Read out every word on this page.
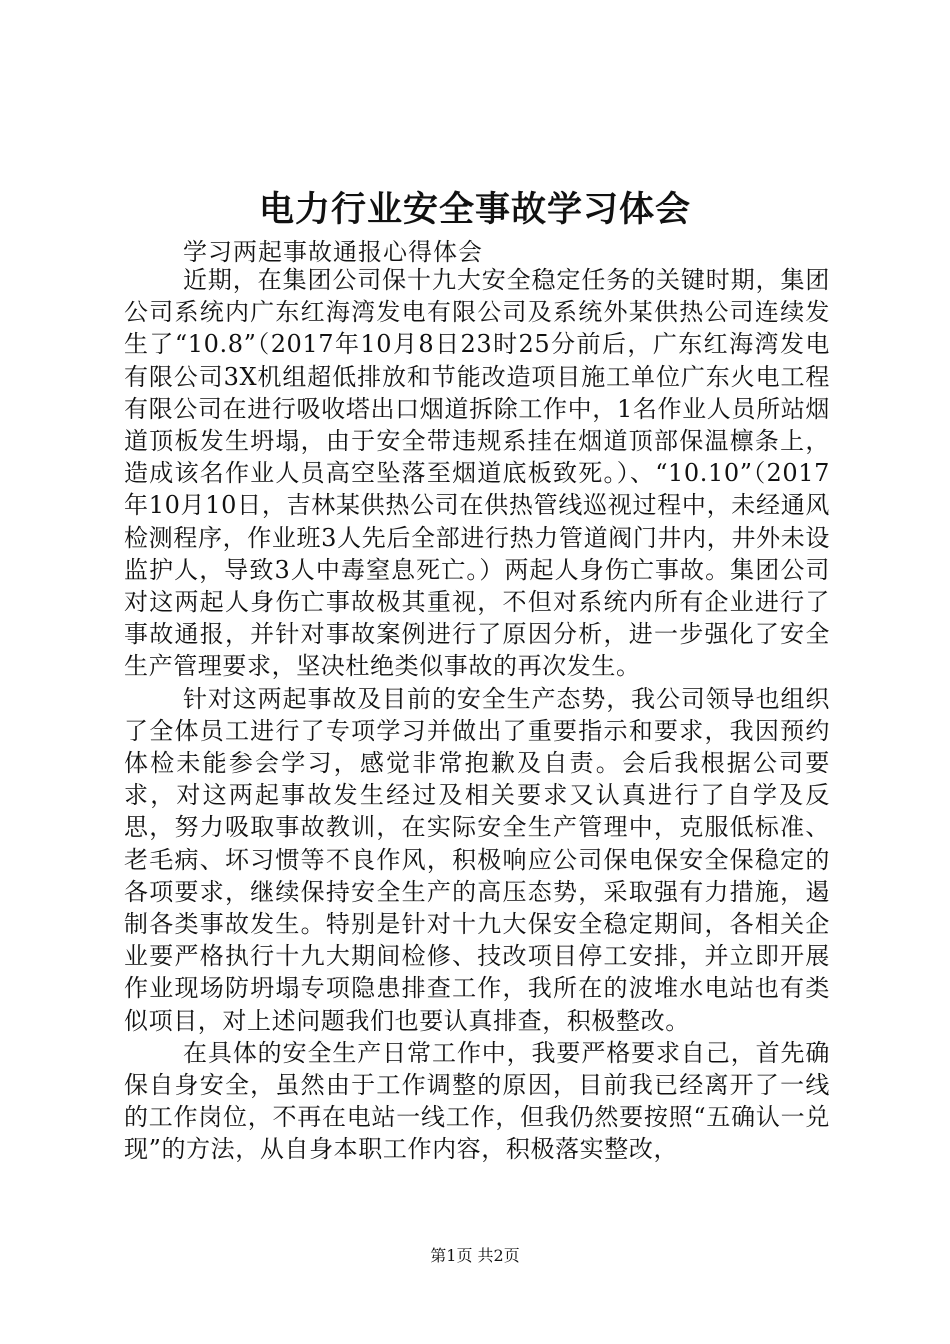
电力行业安全事故学习体会

学习两起事故通报心得体会

近期，在集团公司保十九大安全稳定任务的关键时期，集团公司系统内广东红海湾发电有限公司及系统外某供热公司连续发生了“10.8”（2017年10月8日23时25分前后，广东红海湾发电有限公司3X机组超低排放和节能改造项目施工单位广东火电工程有限公司在进行吸收塔出口烟道拆除工作中，1名作业人员所站烟道顶板发生坍塌，由于安全带违规系挂在烟道顶部保温檩条上，造成该名作业人员高空坠落至烟道底板致死。）、“10.10”（2017年10月10日，吉林某供热公司在供热管线巡视过程中，未经通风检测程序，作业班3人先后全部进行热力管道阀门井内，井外未设监护人，导致3人中毒窒息死亡。）两起人身伤亡事故。集团公司对这两起人身伤亡事故极其重视，不但对系统内所有企业进行了事故通报，并针对事故案例进行了原因分析，进一步强化了安全生产管理要求，坚决杜绝类似事故的再次发生。

针对这两起事故及目前的安全生产态势，我公司领导也组织了全体员工进行了专项学习并做出了重要指示和要求，我因预约体检未能参会学习，感觉非常抱歉及自责。会后我根据公司要求，对这两起事故发生经过及相关要求又认真进行了自学及反思，努力吸取事故教训，在实际安全生产管理中，克服低标准、老毛病、坏习惯等不良作风，积极响应公司保电保安全保稳定的各项要求，继续保持安全生产的高压态势，采取强有力措施，遏制各类事故发生。特别是针对十九大保安全稳定期间，各相关企业要严格执行十九大期间检修、技改项目停工安排，并立即开展作业现场防坍塌专项隐患排查工作，我所在的波堆水电站也有类似项目，对上述问题我们也要认真排查，积极整改。

在具体的安全生产日常工作中，我要严格要求自己，首先确保自身安全，虽然由于工作调整的原因，目前我已经离开了一线的工作岗位，不再在电站一线工作，但我仍然要按照“五确认一兑现”的方法，从自身本职工作内容，积极落实整改，

第1页 共2页
